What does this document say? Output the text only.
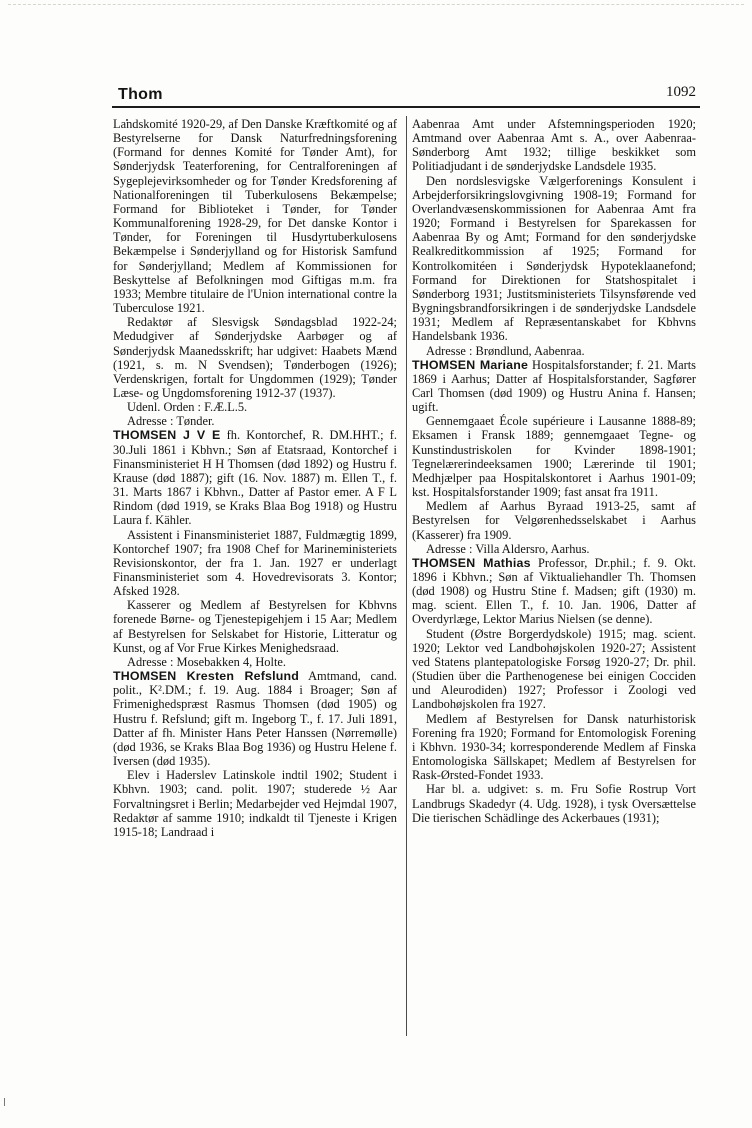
Thom	1092

Landskomité 1920-29, af Den Danske Kræftkomité og af Bestyrelserne for Dansk Naturfredningsforening (Formand for dennes Komité for Tønder Amt), for Sønderjydsk Teaterforening, for Centralforeningen af Sygeplejevirksomheder og for Tønder Kredsforening af Nationalforeningen til Tuberkulosens Bekæmpelse; Formand for Biblioteket i Tønder, for Tønder Kommunalforening 1928-29, for Det danske Kontor i Tønder, for Foreningen til Husdyrtuberkulosens Bekæmpelse i Sønderjylland og for Historisk Samfund for Sønderjylland; Medlem af Kommissionen for Beskyttelse af Befolkningen mod Giftigas m.m. fra 1933; Membre titulaire de l'Union international contre la Tuberculose 1921.
Redaktør af Slesvigsk Søndagsblad 1922-24; Medudgiver af Sønderjydske Aarbøger og af Sønderjydsk Maanedsskrift; har udgivet: Haabets Mænd (1921, s. m. N Svendsen); Tønderbogen (1926); Verdenskrigen, fortalt for Ungdommen (1929); Tønder Læse- og Ungdomsforening 1912-37 (1937).
Udenl. Orden : F.Æ.L.5.
Adresse : Tønder.

THOMSEN J V E fh. Kontorchef, R. DM.HHT.; f. 30.Juli 1861 i Kbhvn.; Søn af Etatsraad, Kontorchef i Finansministeriet H H Thomsen (død 1892) og Hustru f. Krause (død 1887); gift (16. Nov. 1887) m. Ellen T., f. 31. Marts 1867 i Kbhvn., Datter af Pastor emer. A F L Rindom (død 1919, se Kraks Blaa Bog 1918) og Hustru Laura f. Kähler.
Assistent i Finansministeriet 1887, Fuldmægtig 1899, Kontorchef 1907; fra 1908 Chef for Marineministeriets Revisionskontor, der fra 1. Jan. 1927 er underlagt Finansministeriet som 4. Hovedrevisorats 3. Kontor; Afsked 1928.
Kasserer og Medlem af Bestyrelsen for Kbhvns forenede Børne- og Tjenestepigehjem i 15 Aar; Medlem af Bestyrelsen for Selskabet for Historie, Litteratur og Kunst, og af Vor Frue Kirkes Menighedsraad.
Adresse : Mosebakken 4, Holte.

THOMSEN Kresten Refslund Amtmand, cand. polit., K².DM.; f. 19. Aug. 1884 i Broager; Søn af Frimenighedspræst Rasmus Thomsen (død 1905) og Hustru f. Refslund; gift m. Ingeborg T., f. 17. Juli 1891, Datter af fh. Minister Hans Peter Hanssen (Nørremølle) (død 1936, se Kraks Blaa Bog 1936) og Hustru Helene f. Iversen (død 1935).
Elev i Haderslev Latinskole indtil 1902; Student i Kbhvn. 1903; cand. polit. 1907; studerede ½ Aar Forvaltningsret i Berlin; Medarbejder ved Hejmdal 1907, Redaktør af samme 1910; indkaldt til Tjeneste i Krigen 1915-18; Landraad i

Aabenraa Amt under Afstemningsperioden 1920; Amtmand over Aabenraa Amt s. A., over Aabenraa-Sønderborg Amt 1932; tillige beskikket som Politiadjudant i de sønderjydske Landsdele 1935.
Den nordslesvigske Vælgerforenings Konsulent i Arbejderforsikringslovgivning 1908-19; Formand for Overlandvæsenskommissionen for Aabenraa Amt fra 1920; Formand i Bestyrelsen for Sparekassen for Aabenraa By og Amt; Formand for den sønderjydske Realkreditkommission af 1925; Formand for Kontrolkomitéen i Sønderjydsk Hypoteklaanefond; Formand for Direktionen for Statshospitalet i Sønderborg 1931; Justitsministeriets Tilsynsførende ved Bygningsbrandforsikringen i de sønderjydske Landsdele 1931; Medlem af Repræsentanskabet for Kbhvns Handelsbank 1936.
Adresse : Brøndlund, Aabenraa.

THOMSEN Mariane Hospitalsforstander; f. 21. Marts 1869 i Aarhus; Datter af Hospitalsforstander, Sagfører Carl Thomsen (død 1909) og Hustru Anina f. Hansen; ugift.
Gennemgaaet École supérieure i Lausanne 1888-89; Eksamen i Fransk 1889; gennemgaaet Tegne- og Kunstindustriskolen for Kvinder 1898-1901; Tegnelærerindeeksamen 1900; Lærerinde til 1901; Medhjælper paa Hospitalskontoret i Aarhus 1901-09; kst. Hospitalsforstander 1909; fast ansat fra 1911.
Medlem af Aarhus Byraad 1913-25, samt af Bestyrelsen for Velgørenhedsselskabet i Aarhus (Kasserer) fra 1909.
Adresse : Villa Aldersro, Aarhus.

THOMSEN Mathias Professor, Dr.phil.; f. 9. Okt. 1896 i Kbhvn.; Søn af Viktualiehandler Th. Thomsen (død 1908) og Hustru Stine f. Madsen; gift (1930) m. mag. scient. Ellen T., f. 10. Jan. 1906, Datter af Overdyrlæge, Lektor Marius Nielsen (se denne).
Student (Østre Borgerdydskole) 1915; mag. scient. 1920; Lektor ved Landbohøjskolen 1920-27; Assistent ved Statens plantepatologiske Forsøg 1920-27; Dr. phil. (Studien über die Parthenogenese bei einigen Cocciden und Aleurodiden) 1927; Professor i Zoologi ved Landbohøjskolen fra 1927.
Medlem af Bestyrelsen for Dansk naturhistorisk Forening fra 1920; Formand for Entomologisk Forening i Kbhvn. 1930-34; korresponderende Medlem af Finska Entomologiska Sällskapet; Medlem af Bestyrelsen for Rask-Ørsted-Fondet 1933.
Har bl. a. udgivet: s. m. Fru Sofie Rostrup Vort Landbrugs Skadedyr (4. Udg. 1928), i tysk Oversættelse Die tierischen Schädlinge des Ackerbaues (1931);
